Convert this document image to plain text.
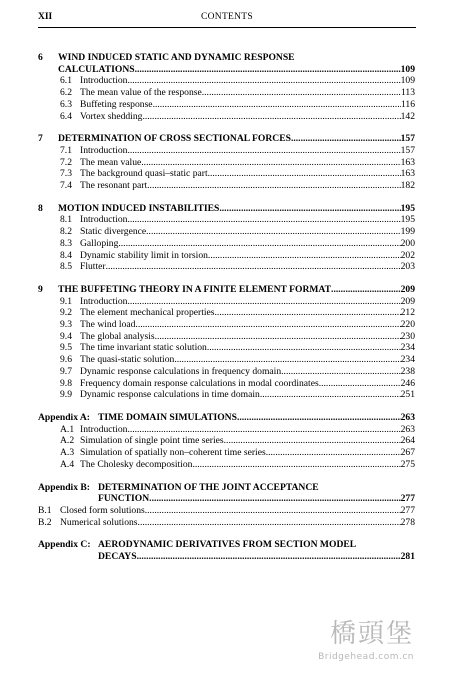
XII	CONTENTS
6	WIND INDUCED STATIC AND DYNAMIC RESPONSE
CALCULATIONS .....	109
6.1 Introduction .....	109
6.2 The mean value of the response .....	113
6.3 Buffeting response .....	116
6.4 Vortex shedding .....	142
7	DETERMINATION OF CROSS SECTIONAL FORCES .....	157
7.1 Introduction .....	157
7.2 The mean value .....	163
7.3 The background quasi–static part .....	163
7.4 The resonant part .....	182
8	MOTION INDUCED INSTABILITIES .....	195
8.1 Introduction .....	195
8.2 Static divergence .....	199
8.3 Galloping .....	200
8.4 Dynamic stability limit in torsion .....	202
8.5 Flutter .....	203
9	THE BUFFETING THEORY IN A FINITE ELEMENT FORMAT .....	209
9.1 Introduction .....	209
9.2 The element mechanical properties .....	212
9.3 The wind load .....	220
9.4 The global analysis .....	230
9.5 The time invariant static solution .....	234
9.6 The quasi-static solution .....	234
9.7 Dynamic response calculations in frequency domain .....	238
9.8 Frequency domain response calculations in modal coordinates .....	246
9.9 Dynamic response calculations in time domain .....	251
Appendix A: TIME DOMAIN SIMULATIONS .....	263
A.1 Introduction .....	263
A.2 Simulation of single point time series .....	264
A.3 Simulation of spatially non–coherent time series .....	267
A.4 The Cholesky decomposition .....	275
Appendix B: DETERMINATION OF THE JOINT ACCEPTANCE
FUNCTION .....	277
B.1 Closed form solutions .....	277
B.2 Numerical solutions .....	278
Appendix C: AERODYNAMIC DERIVATIVES FROM SECTION MODEL
DECAYS .....	281
橋頭堡
Bridgehead.com.cn
